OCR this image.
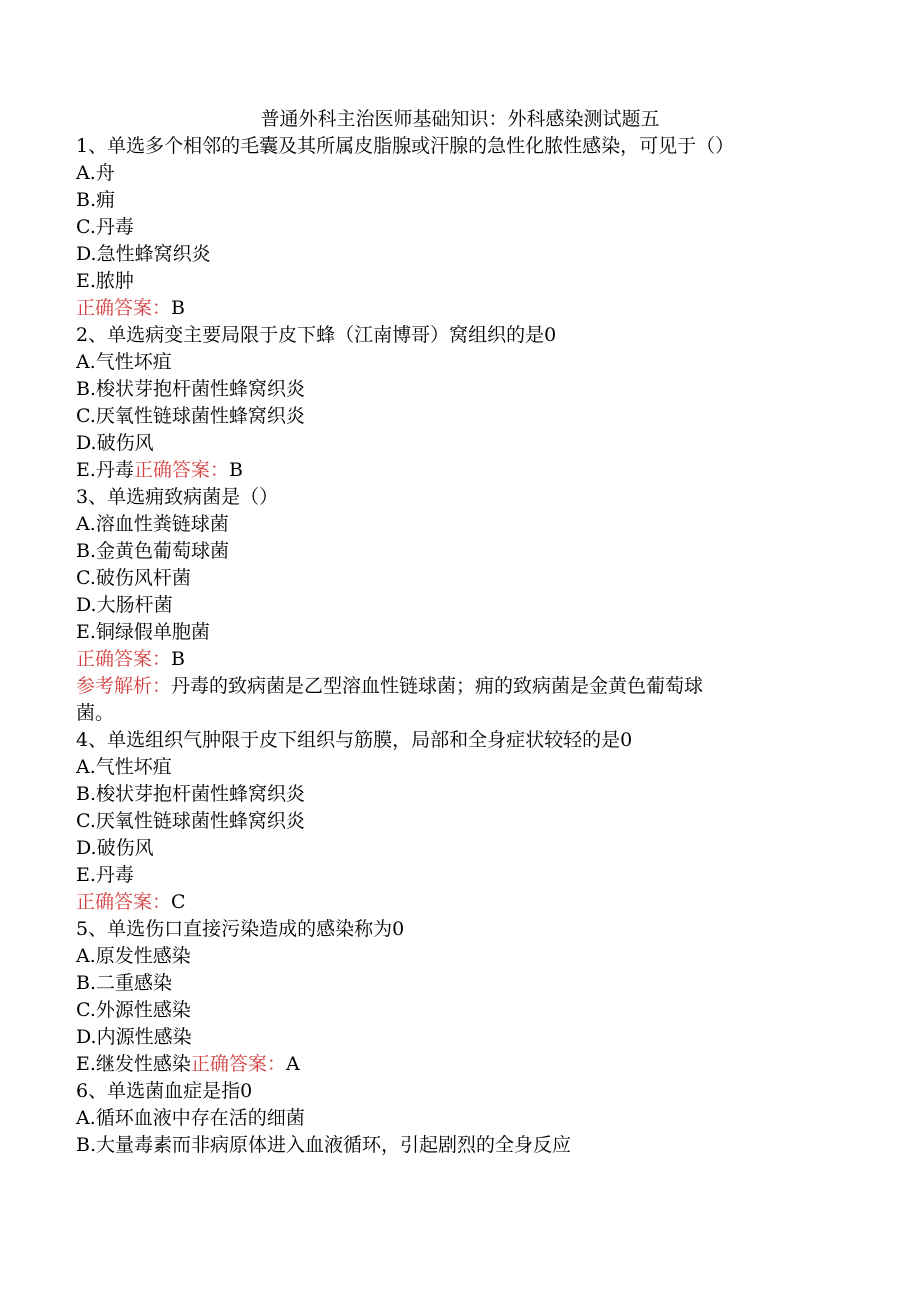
普通外科主治医师基础知识：外科感染测试题五
1、单选多个相邻的毛囊及其所属皮脂腺或汗腺的急性化脓性感染，可见于（）
A.舟
B.痈
C.丹毒
D.急性蜂窝织炎
E.脓肿
正确答案：B
2、单选病变主要局限于皮下蜂（江南博哥）窝组织的是0
A.气性坏疽
B.梭状芽抱杆菌性蜂窝织炎
C.厌氧性链球菌性蜂窝织炎
D.破伤风
E.丹毒正确答案：B
3、单选痈致病菌是（）
A.溶血性粪链球菌
B.金黄色葡萄球菌
C.破伤风杆菌
D.大肠杆菌
E.铜绿假单胞菌
正确答案：B
参考解析：丹毒的致病菌是乙型溶血性链球菌；痈的致病菌是金黄色葡萄球
菌。
4、单选组织气肿限于皮下组织与筋膜，局部和全身症状较轻的是0
A.气性坏疽
B.梭状芽抱杆菌性蜂窝织炎
C.厌氧性链球菌性蜂窝织炎
D.破伤风
E.丹毒
正确答案：C
5、单选伤口直接污染造成的感染称为0
A.原发性感染
B.二重感染
C.外源性感染
D.内源性感染
E.继发性感染正确答案：A
6、单选菌血症是指0
A.循环血液中存在活的细菌
B.大量毒素而非病原体进入血液循环，引起剧烈的全身反应
